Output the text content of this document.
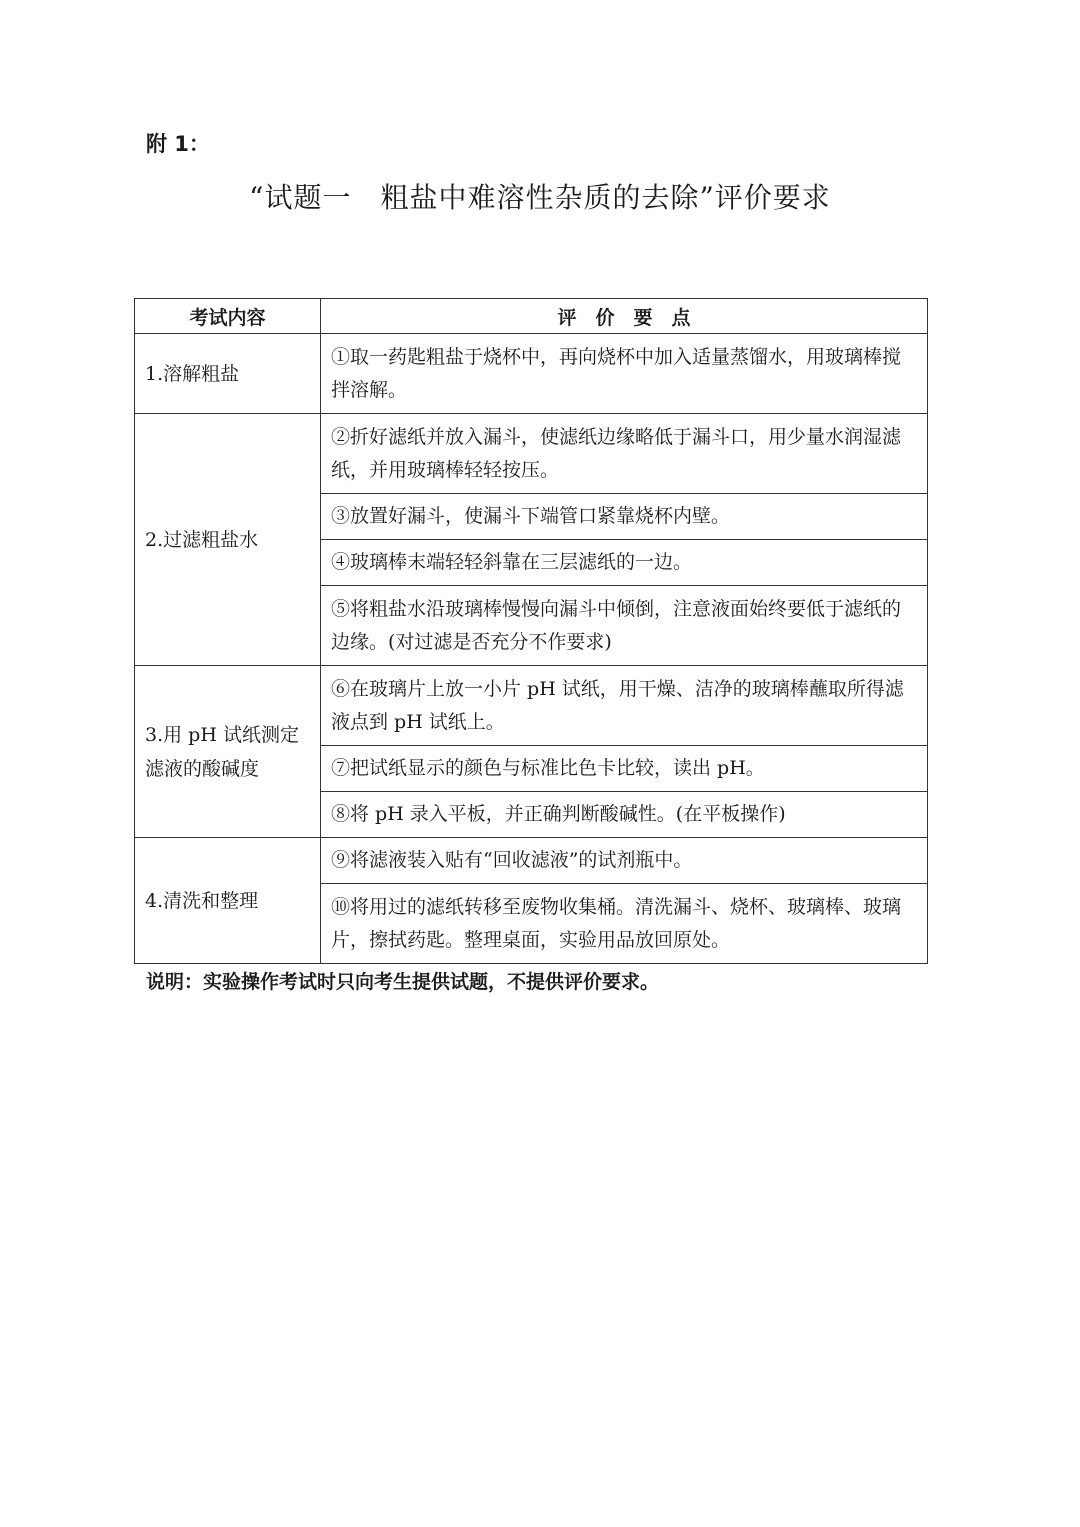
附 1：
“试题一　粗盐中难溶性杂质的去除”评价要求
考试内容	评　价　要　点
1.溶解粗盐	①取一药匙粗盐于烧杯中，再向烧杯中加入适量蒸馏水，用玻璃棒搅拌溶解。
2.过滤粗盐水	②折好滤纸并放入漏斗，使滤纸边缘略低于漏斗口，用少量水润湿滤纸，并用玻璃棒轻轻按压。
	③放置好漏斗，使漏斗下端管口紧靠烧杯内壁。
	④玻璃棒末端轻轻斜靠在三层滤纸的一边。
	⑤将粗盐水沿玻璃棒慢慢向漏斗中倾倒，注意液面始终要低于滤纸的边缘。(对过滤是否充分不作要求)
3.用 pH 试纸测定滤液的酸碱度	⑥在玻璃片上放一小片 pH 试纸，用干燥、洁净的玻璃棒蘸取所得滤液点到 pH 试纸上。
	⑦把试纸显示的颜色与标准比色卡比较，读出 pH。
	⑧将 pH 录入平板，并正确判断酸碱性。(在平板操作)
4.清洗和整理	⑨将滤液装入贴有“回收滤液”的试剂瓶中。
	⑩将用过的滤纸转移至废物收集桶。清洗漏斗、烧杯、玻璃棒、玻璃片，擦拭药匙。整理桌面，实验用品放回原处。
说明：实验操作考试时只向考生提供试题，不提供评价要求。
